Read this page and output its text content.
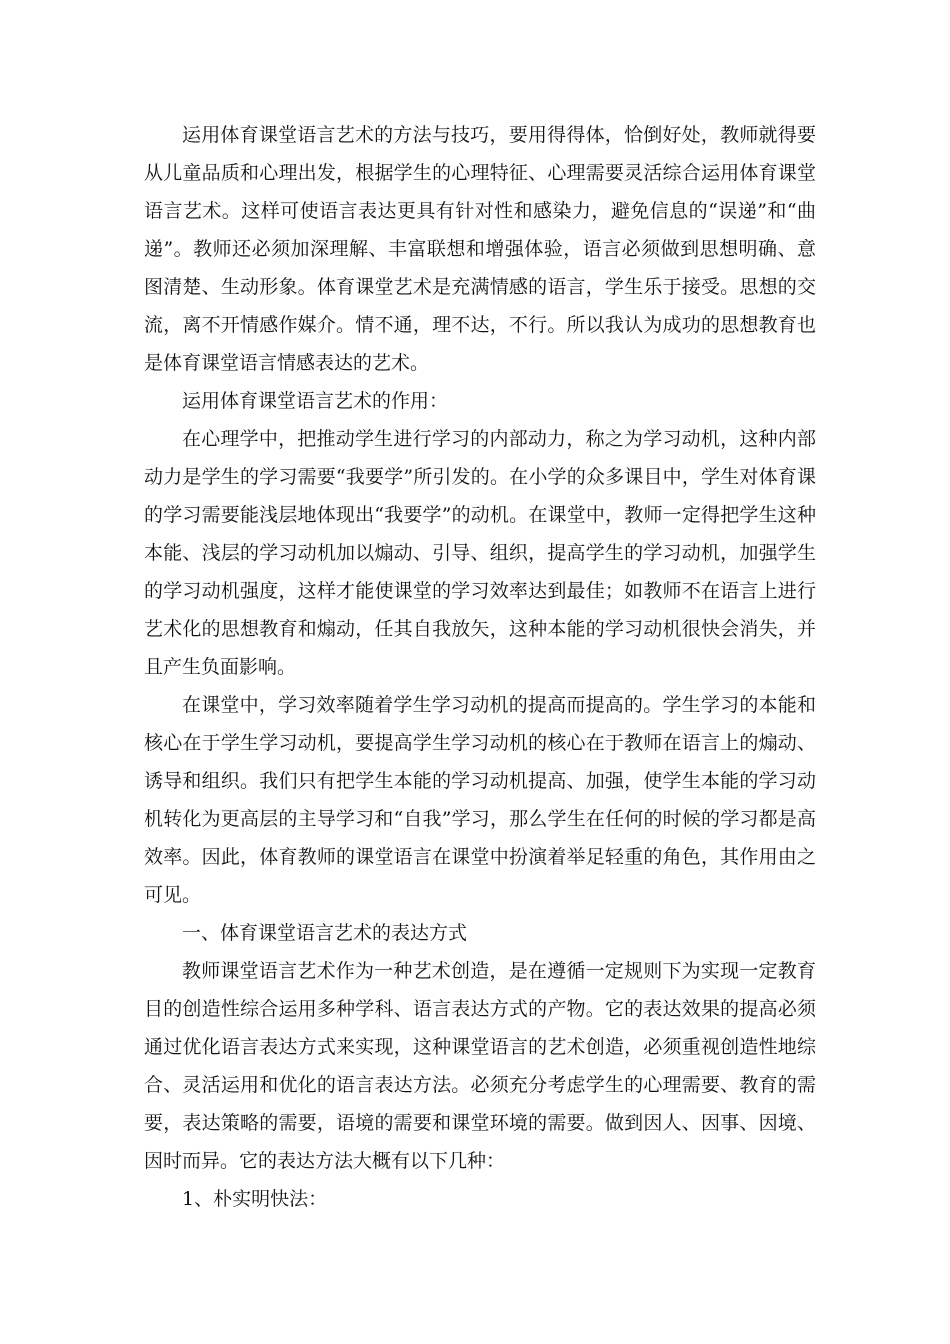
运用体育课堂语言艺术的方法与技巧，要用得得体，恰倒好处，教师就得要从儿童品质和心理出发，根据学生的心理特征、心理需要灵活综合运用体育课堂语言艺术。这样可使语言表达更具有针对性和感染力，避免信息的“误递”和“曲递”。教师还必须加深理解、丰富联想和增强体验，语言必须做到思想明确、意图清楚、生动形象。体育课堂艺术是充满情感的语言，学生乐于接受。思想的交流，离不开情感作媒介。情不通，理不达，不行。所以我认为成功的思想教育也是体育课堂语言情感表达的艺术。

运用体育课堂语言艺术的作用：

在心理学中，把推动学生进行学习的内部动力，称之为学习动机，这种内部动力是学生的学习需要“我要学”所引发的。在小学的众多课目中，学生对体育课的学习需要能浅层地体现出“我要学”的动机。在课堂中，教师一定得把学生这种本能、浅层的学习动机加以煽动、引导、组织，提高学生的学习动机，加强学生的学习动机强度，这样才能使课堂的学习效率达到最佳；如教师不在语言上进行艺术化的思想教育和煽动，任其自我放矢，这种本能的学习动机很快会消失，并且产生负面影响。

在课堂中，学习效率随着学生学习动机的提高而提高的。学生学习的本能和核心在于学生学习动机，要提高学生学习动机的核心在于教师在语言上的煽动、诱导和组织。我们只有把学生本能的学习动机提高、加强，使学生本能的学习动机转化为更高层的主导学习和“自我”学习，那么学生在任何的时候的学习都是高效率。因此，体育教师的课堂语言在课堂中扮演着举足轻重的角色，其作用由之可见。

一、体育课堂语言艺术的表达方式

教师课堂语言艺术作为一种艺术创造，是在遵循一定规则下为实现一定教育目的创造性综合运用多种学科、语言表达方式的产物。它的表达效果的提高必须通过优化语言表达方式来实现，这种课堂语言的艺术创造，必须重视创造性地综合、灵活运用和优化的语言表达方法。必须充分考虑学生的心理需要、教育的需要，表达策略的需要，语境的需要和课堂环境的需要。做到因人、因事、因境、因时而异。它的表达方法大概有以下几种：

1、朴实明快法：
